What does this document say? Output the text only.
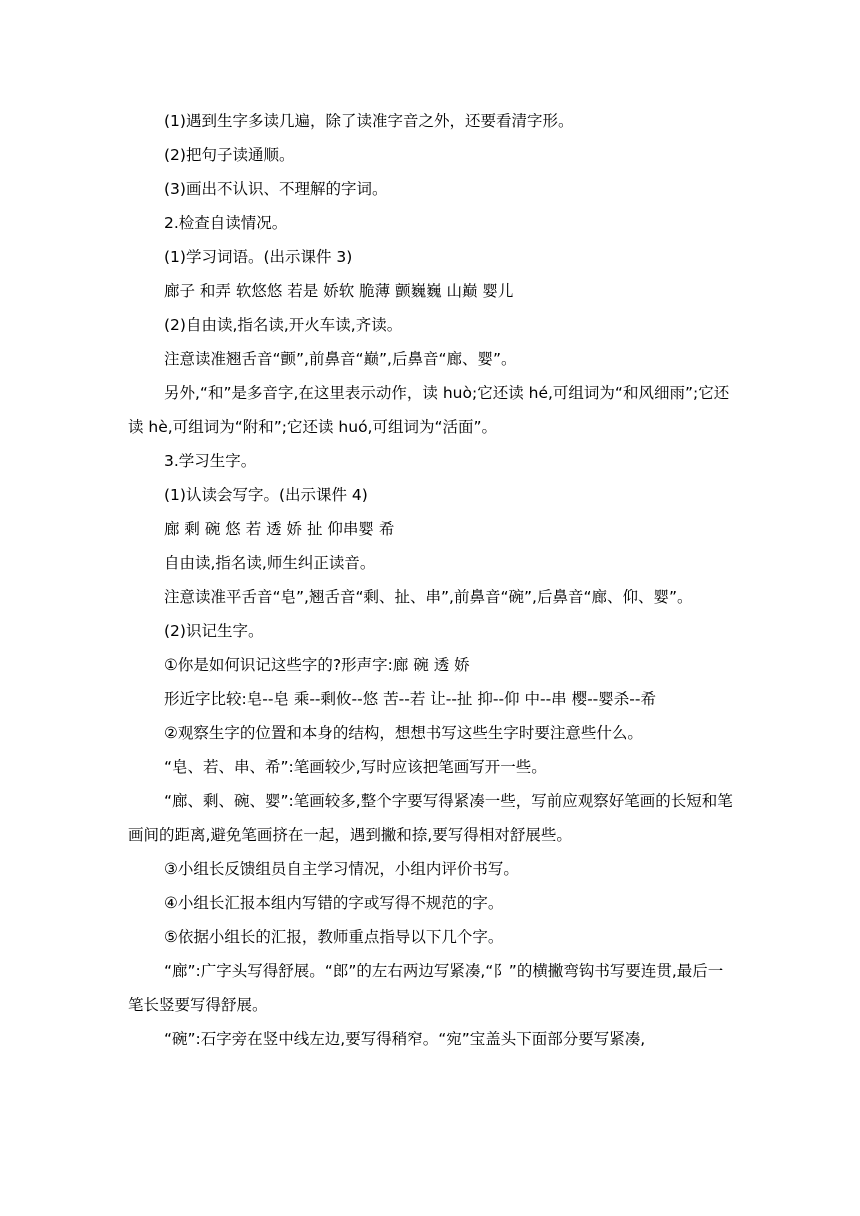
(1)遇到生字多读几遍，除了读准字音之外，还要看清字形。

(2)把句子读通顺。

(3)画出不认识、不理解的字词。

2.检查自读情况。

(1)学习词语。(出示课件 3)

廊子 和弄 软悠悠 若是 娇软 脆薄 颤巍巍 山巅 婴儿

(2)自由读,指名读,开火车读,齐读。

注意读准翘舌音“颤”,前鼻音“巅”,后鼻音“廊、婴”。

另外,“和”是多音字,在这里表示动作，读 huò;它还读 hé,可组词为“和风细雨”;它还读 hè,可组词为“附和”;它还读 huó,可组词为“活面”。

3.学习生字。

(1)认读会写字。(出示课件 4)

廊 剩 碗 悠 若 透 娇 扯 仰串婴 希

自由读,指名读,师生纠正读音。

注意读准平舌音“皂”,翘舌音“剩、扯、串”,前鼻音“碗”,后鼻音“廊、仰、婴”。

(2)识记生字。

①你是如何识记这些字的?形声字:廊 碗 透 娇

形近字比较:皂--皂 乘--剩攸--悠 苦--若 让--扯 抑--仰 中--串 樱--婴杀--希

②观察生字的位置和本身的结构，想想书写这些生字时要注意些什么。

“皂、若、串、希”:笔画较少,写时应该把笔画写开一些。

“廊、剩、碗、婴”:笔画较多,整个字要写得紧凑一些，写前应观察好笔画的长短和笔画间的距离,避免笔画挤在一起，遇到撇和捺,要写得相对舒展些。

③小组长反馈组员自主学习情况，小组内评价书写。

④小组长汇报本组内写错的字或写得不规范的字。

⑤依据小组长的汇报，教师重点指导以下几个字。

“廊”:广字头写得舒展。“郎”的左右两边写紧凑,“阝”的横撇弯钩书写要连贯,最后一笔长竖要写得舒展。

“碗”:石字旁在竖中线左边,要写得稍窄。“宛”宝盖头下面部分要写紧凑,
